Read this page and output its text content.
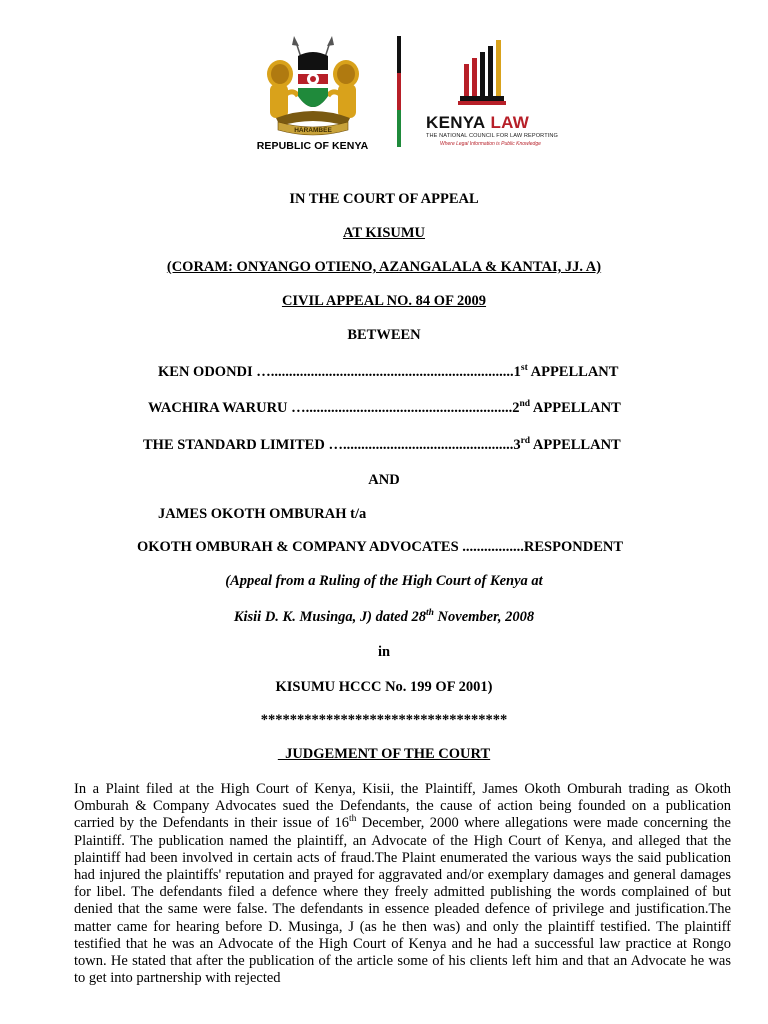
HARAMBEE
REPUBLIC OF KENYA
KENYA LAW
THE NATIONAL COUNCIL FOR LAW REPORTING
Where Legal Information is Public Knowledge
IN THE COURT OF APPEAL
AT KISUMU
(CORAM: ONYANGO OTIENO, AZANGALALA & KANTAI, JJ. A)
CIVIL APPEAL NO. 84 OF 2009
BETWEEN
KEN ODONDI …...................................................................1st APPELLANT
WACHIRA WARURU ….........................................................2nd APPELLANT
THE STANDARD LIMITED …...............................................3rd APPELLANT
AND
JAMES OKOTH OMBURAH t/a
OKOTH OMBURAH & COMPANY ADVOCATES .................RESPONDENT
(Appeal from a Ruling of the High Court of Kenya at
Kisii D. K. Musinga, J) dated 28th November, 2008
in
KISUMU HCCC No. 199 OF 2001)
**********************************
JUDGEMENT OF THE COURT

In a Plaint filed at the High Court of Kenya, Kisii, the Plaintiff, James Okoth Omburah trading as Okoth Omburah & Company Advocates sued the Defendants, the cause of action being founded on a publication carried by the Defendants in their issue of 16th December, 2000 where allegations were made concerning the Plaintiff. The publication named the plaintiff, an Advocate of the High Court of Kenya, and alleged that the plaintiff had been involved in certain acts of fraud.The Plaint enumerated the various ways the said publication had injured the plaintiffs' reputation and prayed for aggravated and/or exemplary damages and general damages for libel. The defendants filed a defence where they freely admitted publishing the words complained of but denied that the same were false. The defendants in essence pleaded defence of privilege and justification.The matter came for hearing before D. Musinga, J (as he then was) and only the plaintiff testified. The plaintiff testified that he was an Advocate of the High Court of Kenya and he had a successful law practice at Rongo town. He stated that after the publication of the article some of his clients left him and that an Advocate he was to get into partnership with rejected
